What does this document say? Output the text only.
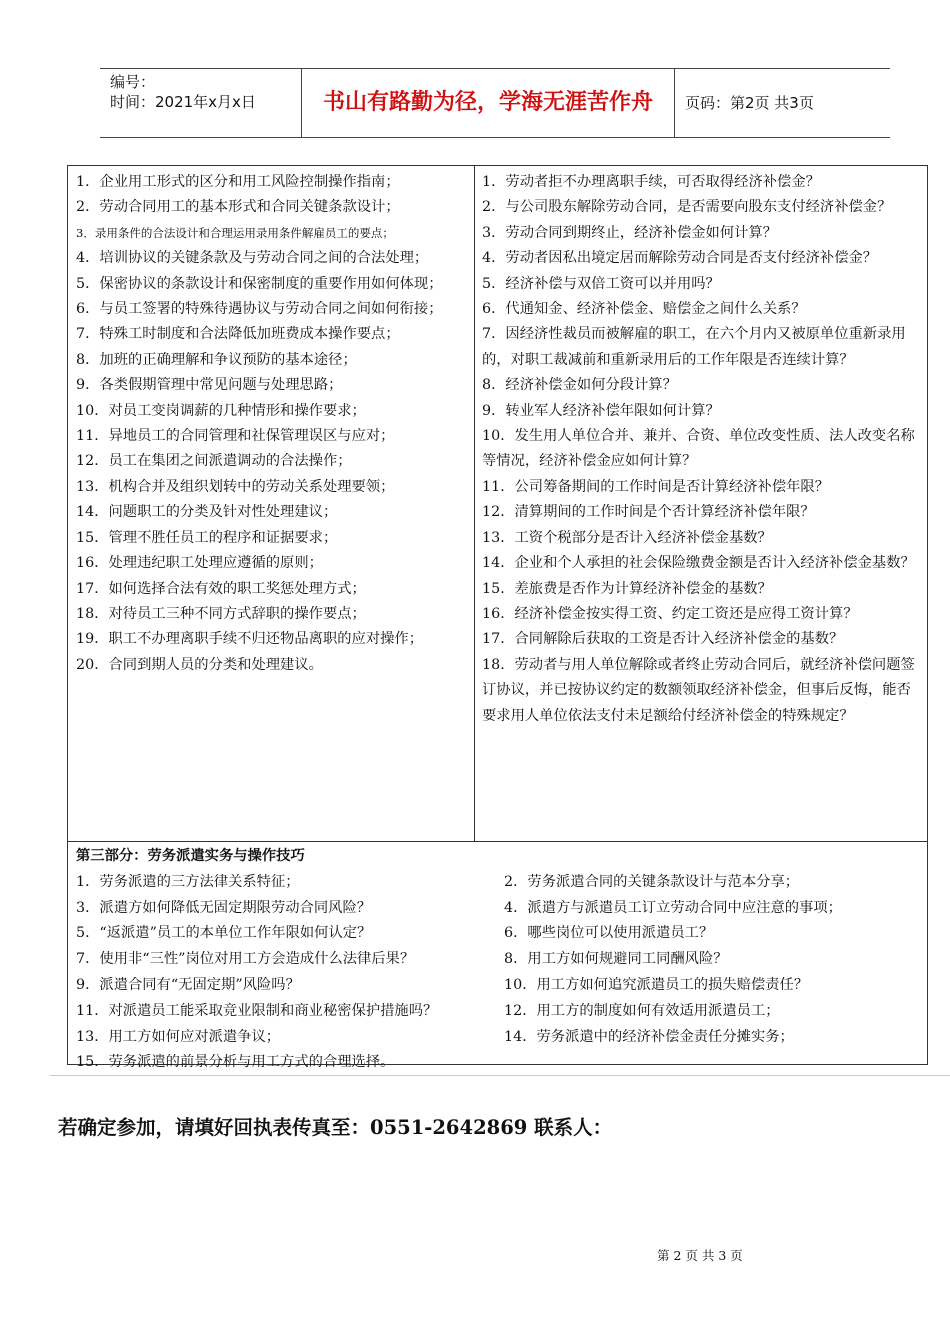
编号：
时间：2021年x月x日	书山有路勤为径，学海无涯苦作舟	页码：第2页 共3页
1．企业用工形式的区分和用工风险控制操作指南；
2．劳动合同用工的基本形式和合同关键条款设计；
3．录用条件的合法设计和合理运用录用条件解雇员工的要点；
4．培训协议的关键条款及与劳动合同之间的合法处理；
5．保密协议的条款设计和保密制度的重要作用如何体现；
6．与员工签署的特殊待遇协议与劳动合同之间如何衔接；
7．特殊工时制度和合法降低加班费成本操作要点；
8．加班的正确理解和争议预防的基本途径；
9．各类假期管理中常见问题与处理思路；
10．对员工变岗调薪的几种情形和操作要求；
11．异地员工的合同管理和社保管理误区与应对；
12．员工在集团之间派遣调动的合法操作；
13．机构合并及组织划转中的劳动关系处理要领；
14．问题职工的分类及针对性处理建议；
15．管理不胜任员工的程序和证据要求；
16．处理违纪职工处理应遵循的原则；
17．如何选择合法有效的职工奖惩处理方式；
18．对待员工三种不同方式辞职的操作要点；
19．职工不办理离职手续不归还物品离职的应对操作；
20．合同到期人员的分类和处理建议。
1．劳动者拒不办理离职手续，可否取得经济补偿金？
2．与公司股东解除劳动合同，是否需要向股东支付经济补偿金？
3．劳动合同到期终止，经济补偿金如何计算？
4．劳动者因私出境定居而解除劳动合同是否支付经济补偿金？
5．经济补偿与双倍工资可以并用吗？
6．代通知金、经济补偿金、赔偿金之间什么关系？
7．因经济性裁员而被解雇的职工，在六个月内又被原单位重新录用的，对职工裁减前和重新录用后的工作年限是否连续计算？
8．经济补偿金如何分段计算？
9．转业军人经济补偿年限如何计算？
10．发生用人单位合并、兼并、合资、单位改变性质、法人改变名称等情况，经济补偿金应如何计算？
11．公司筹备期间的工作时间是否计算经济补偿年限？
12．清算期间的工作时间是个否计算经济补偿年限？
13．工资个税部分是否计入经济补偿金基数？
14．企业和个人承担的社会保险缴费金额是否计入经济补偿金基数？
15．差旅费是否作为计算经济补偿金的基数？
16．经济补偿金按实得工资、约定工资还是应得工资计算？
17．合同解除后获取的工资是否计入经济补偿金的基数？
18．劳动者与用人单位解除或者终止劳动合同后，就经济补偿问题签订协议，并已按协议约定的数额领取经济补偿金，但事后反悔，能否要求用人单位依法支付未足额给付经济补偿金的特殊规定？
第三部分：劳务派遣实务与操作技巧
1．劳务派遣的三方法律关系特征；	2．劳务派遣合同的关键条款设计与范本分享；
3．派遣方如何降低无固定期限劳动合同风险？	4．派遣方与派遣员工订立劳动合同中应注意的事项；
5．“返派遣”员工的本单位工作年限如何认定？	6．哪些岗位可以使用派遣员工？
7．使用非“三性”岗位对用工方会造成什么法律后果？	8．用工方如何规避同工同酬风险？
9．派遣合同有“无固定期”风险吗？	10．用工方如何追究派遣员工的损失赔偿责任？
11．对派遣员工能采取竞业限制和商业秘密保护措施吗？	12．用工方的制度如何有效适用派遣员工；
13．用工方如何应对派遣争议；	14．劳务派遣中的经济补偿金责任分摊实务；
15．劳务派遣的前景分析与用工方式的合理选择。
若确定参加，请填好回执表传真至：0551-2642869 联系人：
第 2 页 共 3 页
